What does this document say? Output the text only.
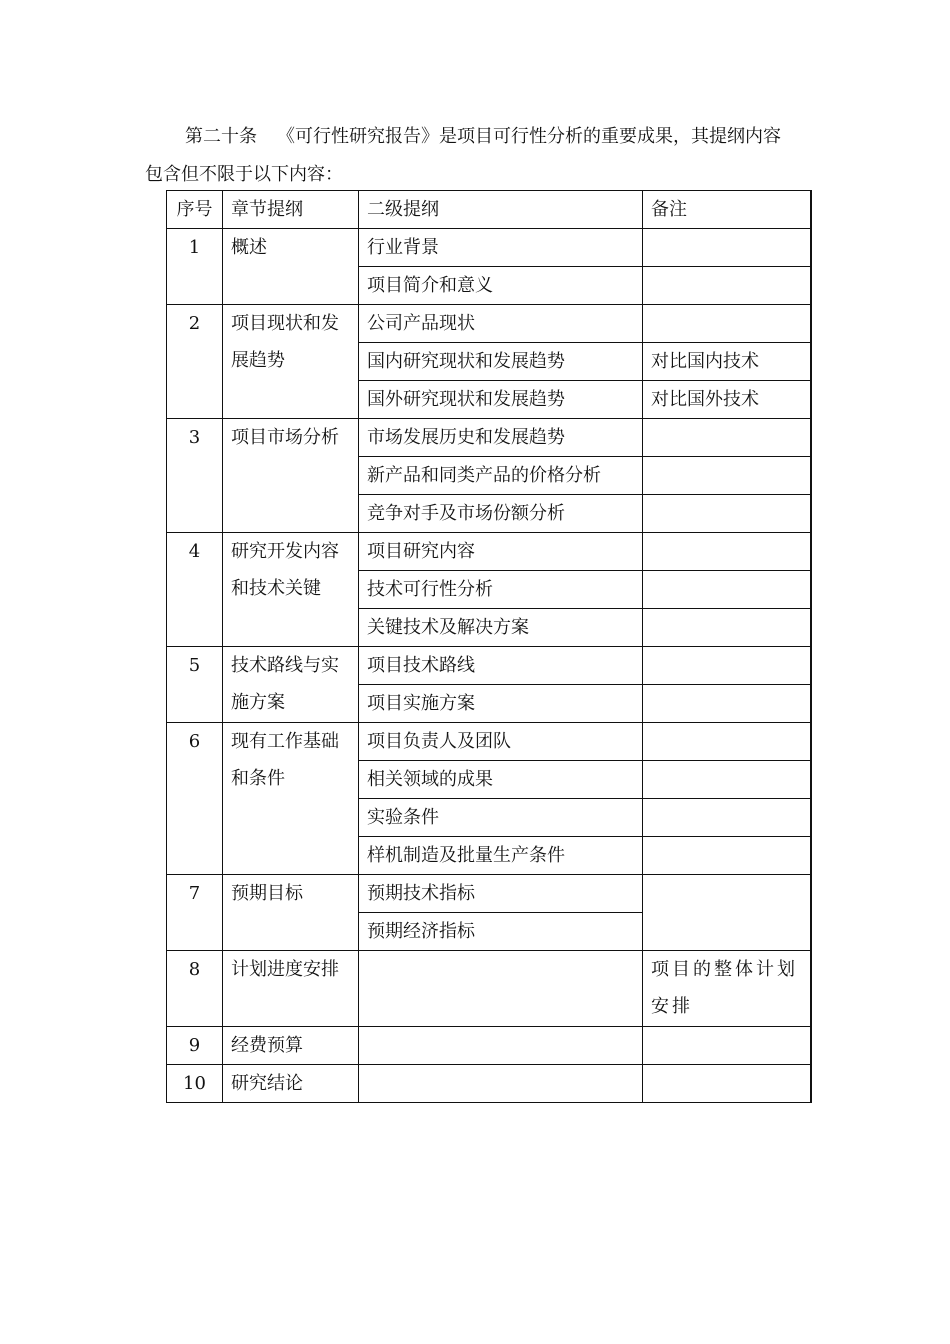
第二十条 《可行性研究报告》是项目可行性分析的重要成果，其提纲内容
包含但不限于以下内容：

序号	章节提纲	二级提纲	备注
1	概述	行业背景	
		项目简介和意义	
2	项目现状和发展趋势	公司产品现状	
		国内研究现状和发展趋势	对比国内技术
		国外研究现状和发展趋势	对比国外技术
3	项目市场分析	市场发展历史和发展趋势	
		新产品和同类产品的价格分析	
		竞争对手及市场份额分析	
4	研究开发内容和技术关键	项目研究内容	
		技术可行性分析	
		关键技术及解决方案	
5	技术路线与实施方案	项目技术路线	
		项目实施方案	
6	现有工作基础和条件	项目负责人及团队	
		相关领域的成果	
		实验条件	
		样机制造及批量生产条件	
7	预期目标	预期技术指标	
		预期经济指标	
8	计划进度安排		项目的整体计划安排
9	经费预算		
10	研究结论		
